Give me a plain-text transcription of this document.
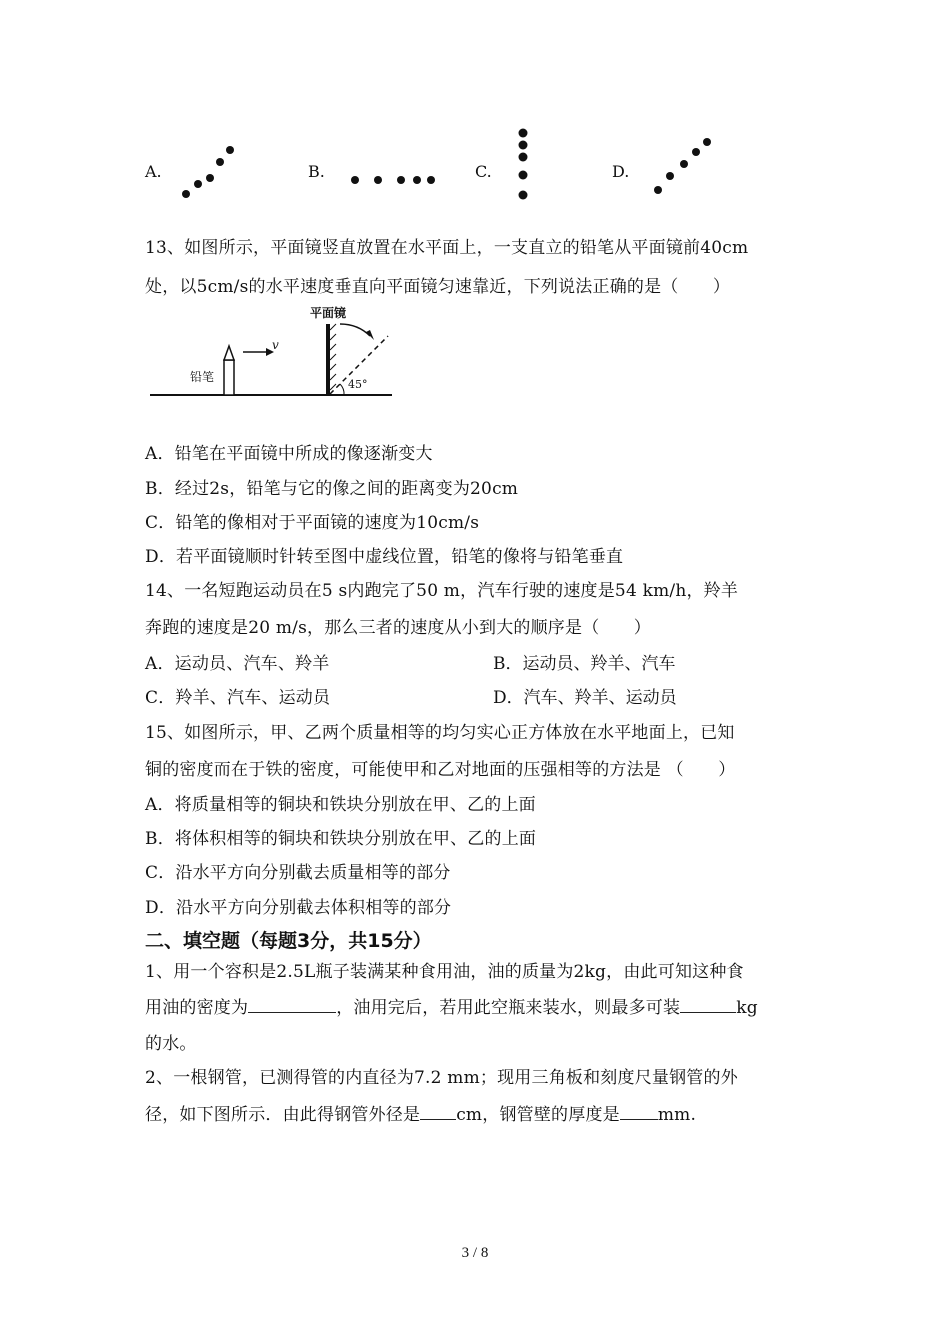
A.	B.	C.	D.
13、如图所示，平面镜竖直放置在水平面上，一支直立的铅笔从平面镜前40cm
处，以5cm/s的水平速度垂直向平面镜匀速靠近，下列说法正确的是（　　）
平面镜
铅笔
v
45°
A．铅笔在平面镜中所成的像逐渐变大
B．经过2s，铅笔与它的像之间的距离变为20cm
C．铅笔的像相对于平面镜的速度为10cm/s
D．若平面镜顺时针转至图中虚线位置，铅笔的像将与铅笔垂直
14、一名短跑运动员在5 s内跑完了50 m，汽车行驶的速度是54 km/h，羚羊
奔跑的速度是20 m/s，那么三者的速度从小到大的顺序是（　　）
A．运动员、汽车、羚羊	B．运动员、羚羊、汽车
C．羚羊、汽车、运动员	D．汽车、羚羊、运动员
15、如图所示，甲、乙两个质量相等的均匀实心正方体放在水平地面上，已知
铜的密度而在于铁的密度，可能使甲和乙对地面的压强相等的方法是 （　　）
A．将质量相等的铜块和铁块分别放在甲、乙的上面
B．将体积相等的铜块和铁块分别放在甲、乙的上面
C．沿水平方向分别截去质量相等的部分
D．沿水平方向分别截去体积相等的部分
二、填空题（每题3分，共15分）
1、用一个容积是2.5L瓶子装满某种食用油，油的质量为2kg，由此可知这种食
用油的密度为	，油用完后，若用此空瓶来装水，则最多可装	kg
的水。
2、一根钢管，已测得管的内直径为7.2 mm；现用三角板和刻度尺量钢管的外
径，如下图所示．由此得钢管外径是 cm，钢管壁的厚度是 mm.
3 / 8
